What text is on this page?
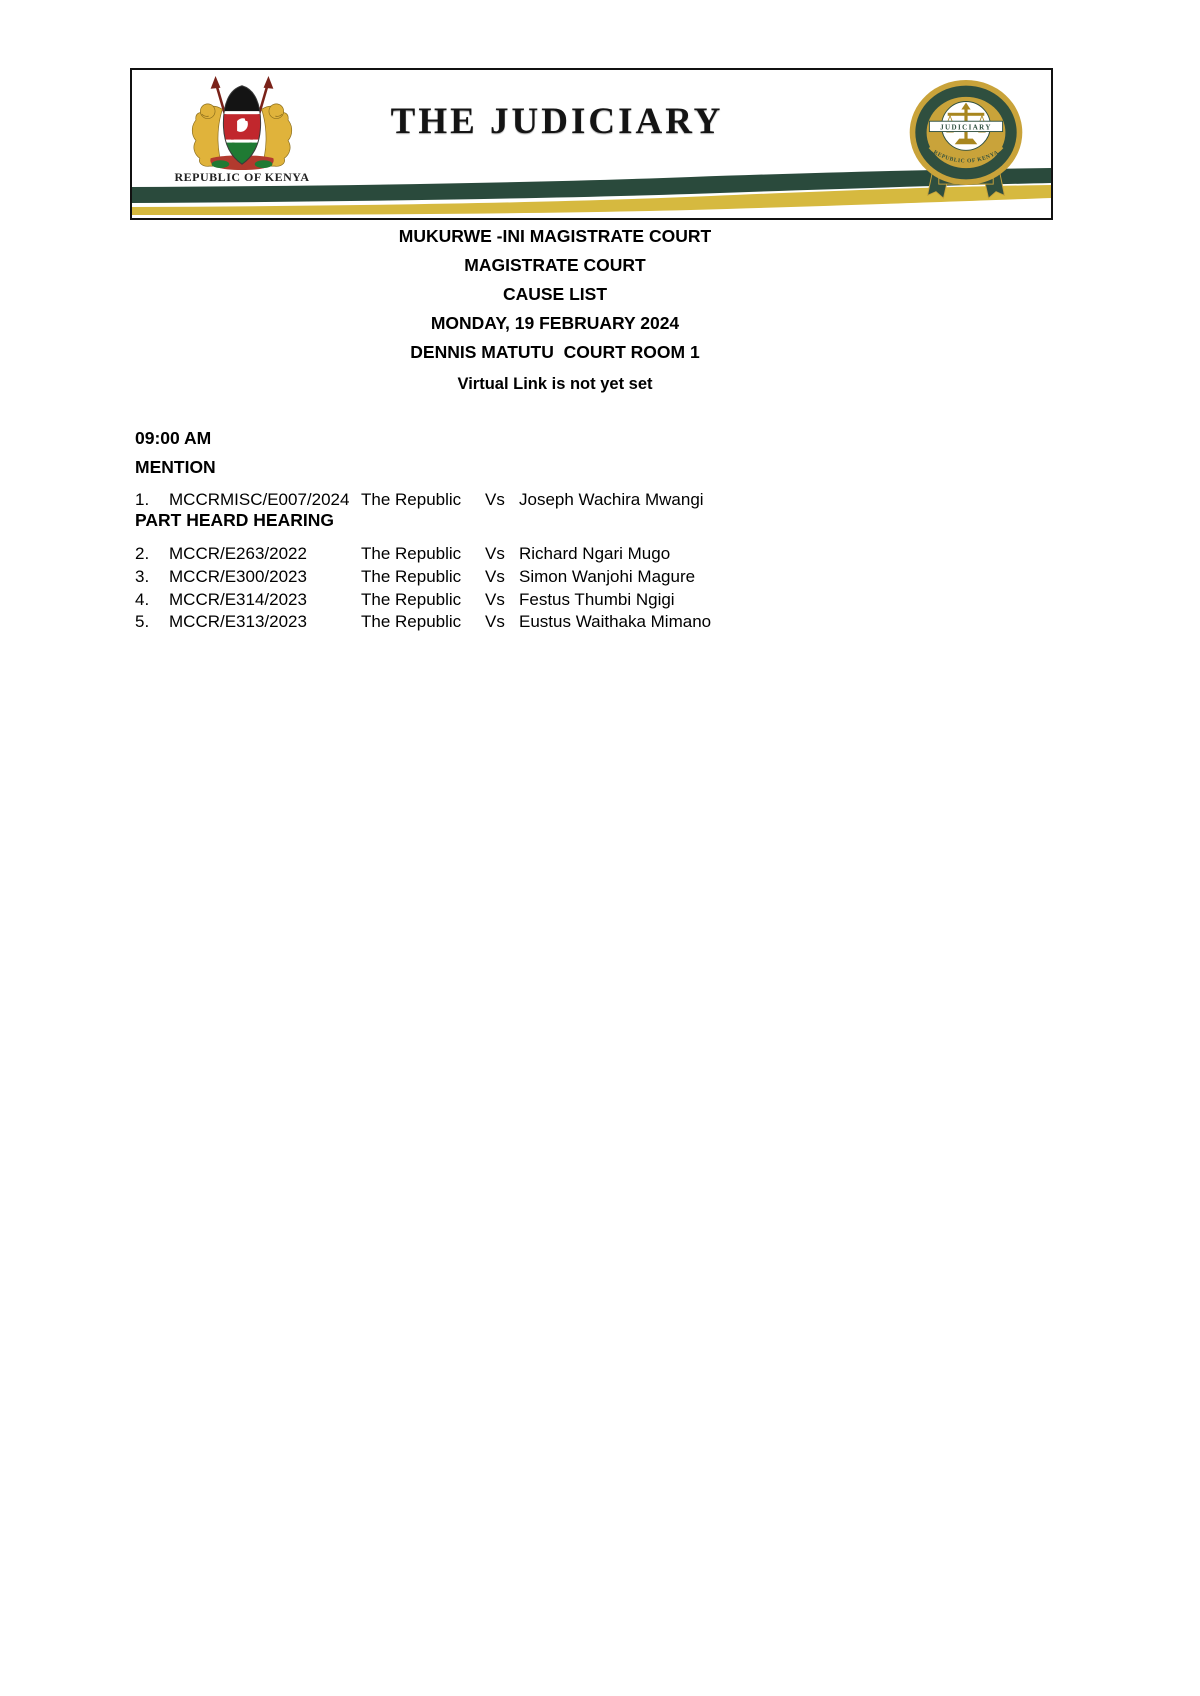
REPUBLIC OF KENYA
THE JUDICIARY	JUDICIARY
REPUBLIC OF KENYA
MUKURWE -INI MAGISTRATE COURT
MAGISTRATE COURT
CAUSE LIST
MONDAY, 19 FEBRUARY 2024
DENNIS MATUTU  COURT ROOM 1
Virtual Link is not yet set
09:00 AM
MENTION
1.	MCCRMISC/E007/2024 The Republic	Vs Joseph Wachira Mwangi
PART HEARD HEARING
2.	MCCR/E263/2022	The Republic	Vs Richard Ngari Mugo
3.	MCCR/E300/2023	The Republic	Vs Simon Wanjohi Magure
4.	MCCR/E314/2023	The Republic	Vs Festus Thumbi Ngigi
5.	MCCR/E313/2023	The Republic	Vs Eustus Waithaka Mimano
